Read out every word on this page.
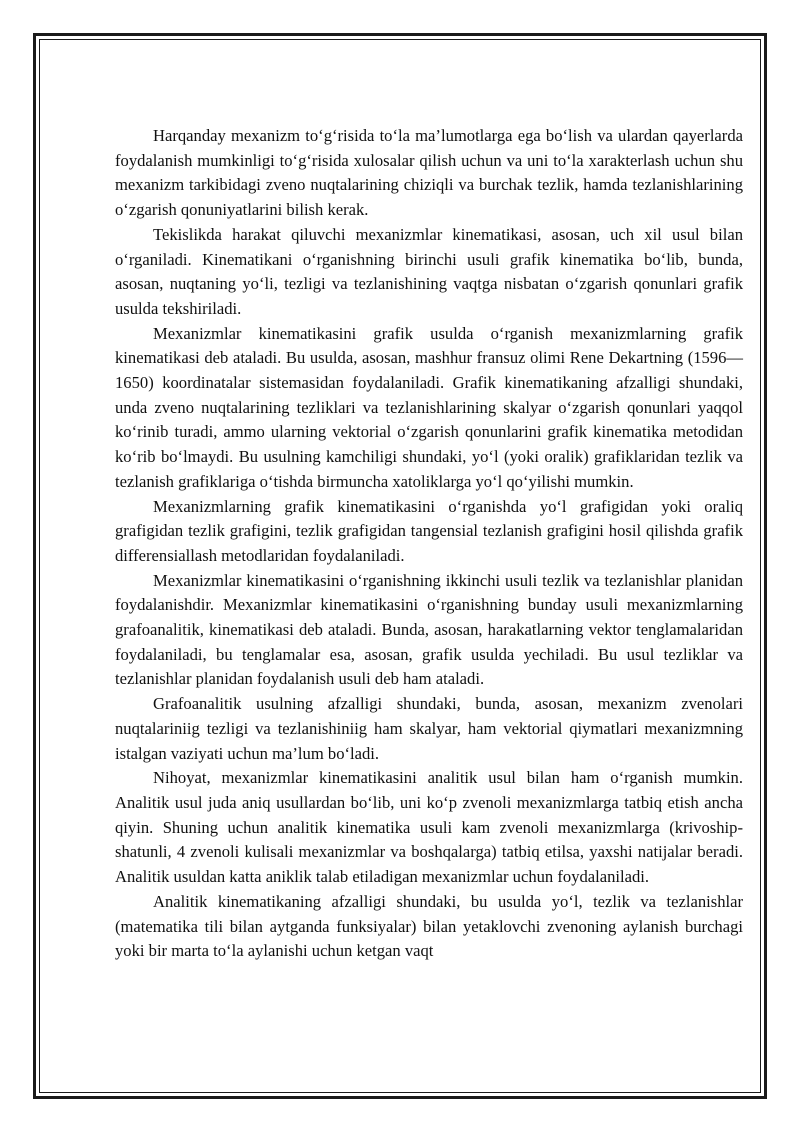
Harqanday mexanizm to‘g‘risida to‘la ma’lumotlarga ega bo‘lish va ulardan qayerlarda foydalanish mumkinligi to‘g‘risida xulosalar qilish uchun va uni to‘la xarakterlash uchun shu mexanizm tarkibidagi zveno nuqtalarining chiziqli va burchak tezlik, hamda tezlanishlarining o‘zgarish qonuniyatlarini bilish kerak.

Tekislikda harakat qiluvchi mexanizmlar kinematikasi, asosan, uch xil usul bilan o‘rganiladi. Kinematikani o‘rganishning birinchi usuli grafik kinematika bo‘lib, bunda, asosan, nuqtaning yo‘li, tezligi va tezlanishining vaqtga nisbatan o‘zgarish qonunlari grafik usulda tekshiriladi.

Mexanizmlar kinematikasini grafik usulda o‘rganish mexanizmlarning grafik kinematikasi deb ataladi. Bu usulda, asosan, mashhur fransuz olimi Rene Dekartning (1596—1650) koordinatalar sistemasidan foydalaniladi. Grafik kinematikaning afzalligi shundaki, unda zveno nuqtalarining tezliklari va tezlanishlarining skalyar o‘zgarish qonunlari yaqqol ko‘rinib turadi, ammo ularning vektorial o‘zgarish qonunlarini grafik kinematika metodidan ko‘rib bo‘lmaydi. Bu usulning kamchiligi shundaki, yo‘l (yoki oralik) grafiklaridan tezlik va tezlanish grafiklariga o‘tishda birmuncha xatoliklarga yo‘l qo‘yilishi mumkin.

Mexanizmlarning grafik kinematikasini o‘rganishda yo‘l grafigidan yoki oraliq grafigidan tezlik grafigini, tezlik grafigidan tangensial tezlanish grafigini hosil qilishda grafik differensiallash metodlaridan foydalaniladi.

Mexanizmlar kinematikasini o‘rganishning ikkinchi usuli tezlik va tezlanishlar planidan foydalanishdir. Mexanizmlar kinematikasini o‘rganishning bunday usuli mexanizmlarning grafoanalitik, kinematikasi deb ataladi. Bunda, asosan, harakatlarning vektor tenglamalaridan foydalaniladi, bu tenglamalar esa, asosan, grafik usulda yechiladi. Bu usul tezliklar va tezlanishlar planidan foydalanish usuli deb ham ataladi.

Grafoanalitik usulning afzalligi shundaki, bunda, asosan, mexanizm zvenolari nuqtalariniig tezligi va tezlanishiniig ham skalyar, ham vektorial qiymatlari mexanizmning istalgan vaziyati uchun ma’lum bo‘ladi.

Nihoyat, mexanizmlar kinematikasini analitik usul bilan ham o‘rganish mumkin. Analitik usul juda aniq usullardan bo‘lib, uni ko‘p zvenoli mexanizmlarga tatbiq etish ancha qiyin. Shuning uchun analitik kinematika usuli kam zvenoli mexanizmlarga (krivoship-shatunli, 4 zvenoli kulisali mexanizmlar va boshqalarga) tatbiq etilsa, yaxshi natijalar beradi. Analitik usuldan katta aniklik talab etiladigan mexanizmlar uchun foydalaniladi.

Analitik kinematikaning afzalligi shundaki, bu usulda yo‘l, tezlik va tezlanishlar (matematika tili bilan aytganda funksiyalar) bilan yetaklovchi zvenoning aylanish burchagi yoki bir marta to‘la aylanishi uchun ketgan vaqt
